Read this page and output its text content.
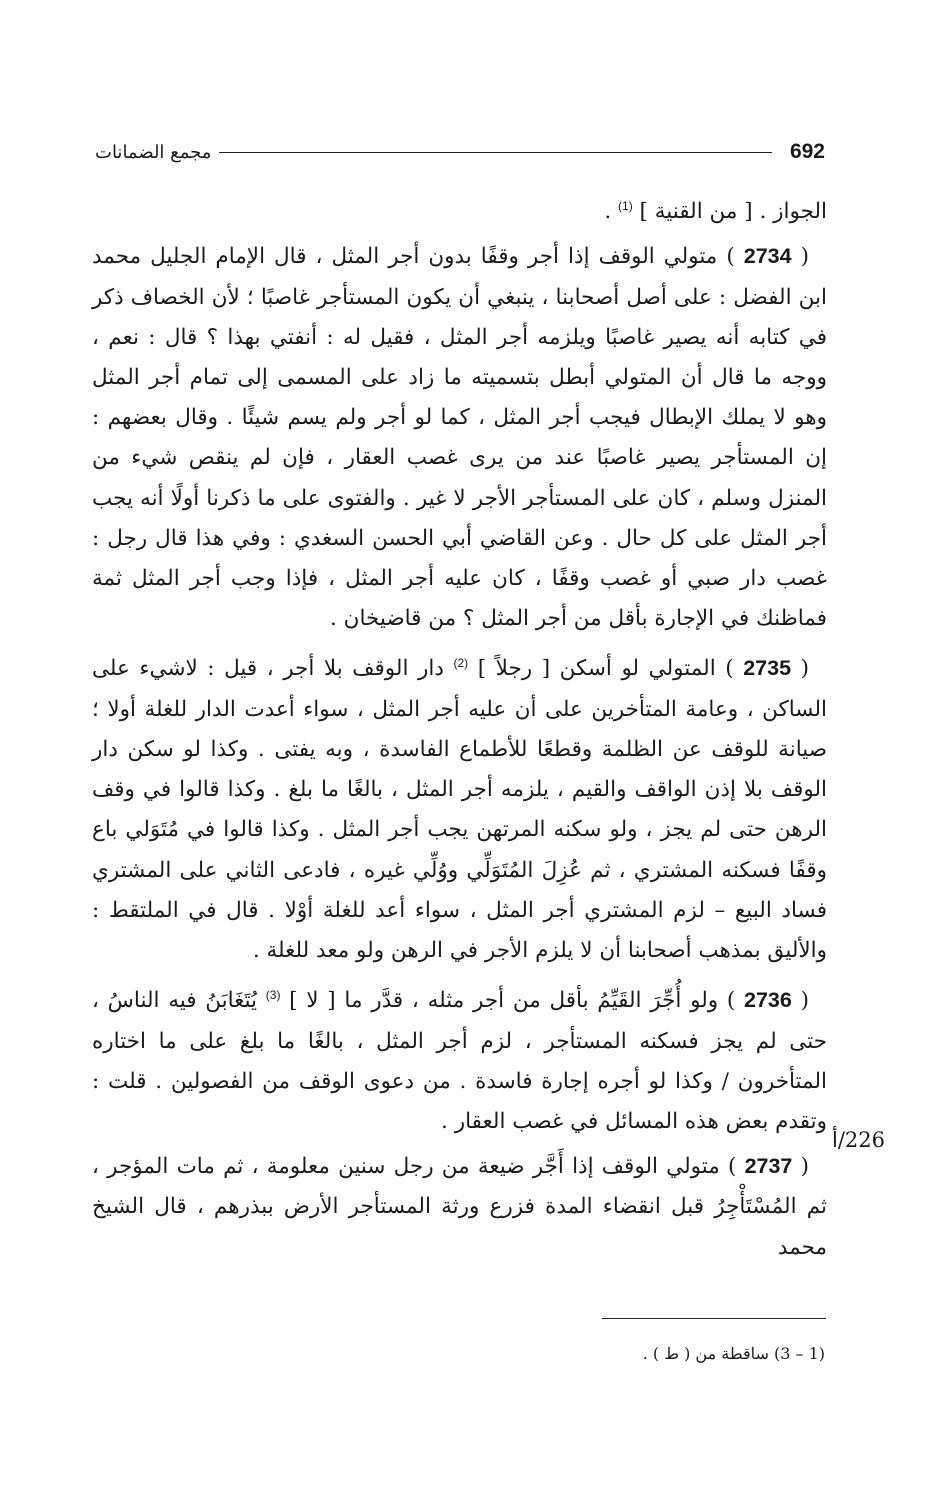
692
مجمع الضمانات

الجواز . [ من القنية ] $^{(1)}$ .

( 2734 ) متولي الوقف إذا أجر وقفًا بدون أجر المثل ، قال الإمام الجليل محمد ابن الفضل : على أصل أصحابنا ، ينبغي أن يكون المستأجر غاصبًا ؛ لأن الخصاف ذكر في كتابه أنه يصير غاصبًا ويلزمه أجر المثل ، فقيل له : أنفتي بهذا ؟ قال : نعم ، ووجه ما قال أن المتولي أبطل بتسميته ما زاد على المسمى إلى تمام أجر المثل وهو لا يملك الإبطال فيجب أجر المثل ، كما لو أجر ولم يسم شيئًا . وقال بعضهم : إن المستأجر يصير غاصبًا عند من يرى غصب العقار ، فإن لم ينقص شيء من المنزل وسلم ، كان على المستأجر الأجر لا غير . والفتوى على ما ذكرنا أولًا أنه يجب أجر المثل على كل حال . وعن القاضي أبي الحسن السغدي : وفي هذا قال رجل : غصب دار صبي أو غصب وقفًا ، كان عليه أجر المثل ، فإذا وجب أجر المثل ثمة فماظنك في الإجارة بأقل من أجر المثل ؟ من قاضيخان .

( 2735 ) المتولي لو أسكن [ رجلاً ] $^{(2)}$ دار الوقف بلا أجر ، قيل : لاشيء على الساكن ، وعامة المتأخرين على أن عليه أجر المثل ، سواء أعدت الدار للغلة أولا ؛ صيانة للوقف عن الظلمة وقطعًا للأطماع الفاسدة ، وبه يفتى . وكذا لو سكن دار الوقف بلا إذن الواقف والقيم ، يلزمه أجر المثل ، بالغًا ما بلغ . وكذا قالوا في وقف الرهن حتى لم يجز ، ولو سكنه المرتهن يجب أجر المثل . وكذا قالوا في مُتَوَلي باع وقفًا فسكنه المشتري ، ثم عُزِلَ المُتَوَلِّي ووُلِّي غيره ، فادعى الثاني على المشتري فساد البيع – لزم المشتري أجر المثل ، سواء أعد للغلة أوْلا . قال في الملتقط : والأليق بمذهب أصحابنا أن لا يلزم الأجر في الرهن ولو معد للغلة .

( 2736 ) ولو أُجِّرَ القَيِّمُ بأقل من أجر مثله ، قدَّر ما [ لا ] $^{(3)}$ يُتَغَابَنُ فيه الناسُ ، حتى لم يجز فسكنه المستأجر ، لزم أجر المثل ، بالغًا ما بلغ على ما اختاره المتأخرون / وكذا لو أجره إجارة فاسدة . من دعوى الوقف من الفصولين . قلت : وتقدم بعض هذه المسائل في غصب العقار .

( 2737 ) متولي الوقف إذا أَجَّر ضيعة من رجل سنين معلومة ، ثم مات المؤجر ، ثم المُسْتَأْجِرُ قبل انقضاء المدة فزرع ورثة المستأجر الأرض ببذرهم ، قال الشيخ محمد

226/أ
(1 – 3) ساقطة من ( ط ) .
